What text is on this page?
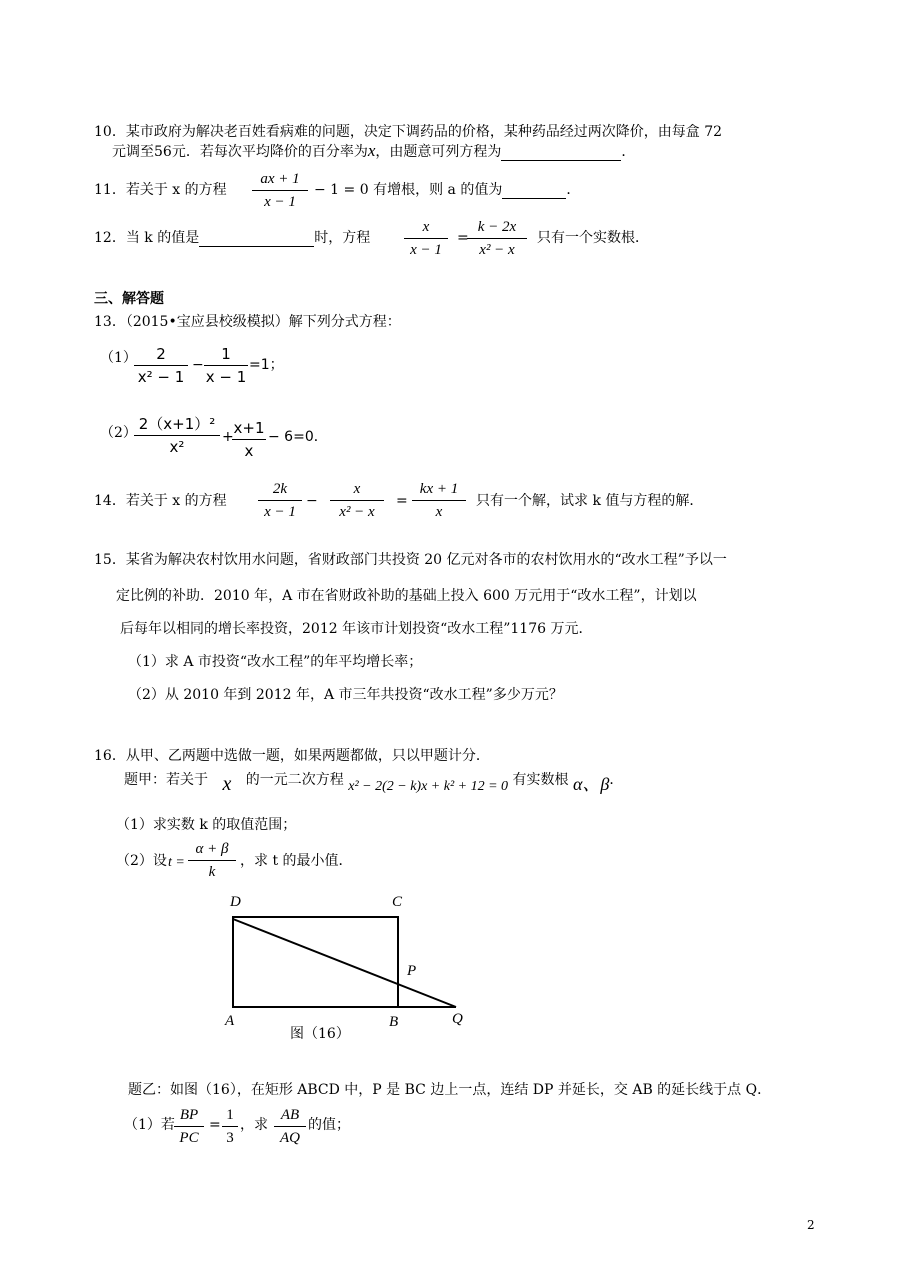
10．某市政府为解决老百姓看病难的问题，决定下调药品的价格，某种药品经过两次降价，由每盒 72
元调至56元．若每次平均降价的百分率为x，由题意可列方程为	．
11．若关于 x 的方程
ax + 1
x − 1
− 1 = 0 有增根，则 a 的值为	．
12．当 k 的值是	时，方程
x
x − 1
=
k − 2x
x² − x
只有一个实数根．
三、解答题
13．（2015•宝应县校级模拟）解下列分式方程：
（1）	2
x² − 1
−
1
x − 1
=1；
（2） 2（x+1）²
x²
+ x+1
x
− 6=0．
14．若关于 x 的方程
2k
x − 1
−
x
x² − x
=
kx + 1
x
只有一个解，试求 k 值与方程的解．
15．某省为解决农村饮用水问题，省财政部门共投资 20 亿元对各市的农村饮用水的“改水工程”予以一
定比例的补助．2010 年，A 市在省财政补助的基础上投入 600 万元用于“改水工程”，计划以
后每年以相同的增长率投资，2012 年该市计划投资“改水工程”1176 万元．
（1）求 A 市投资“改水工程”的年平均增长率；
（2）从 2010 年到 2012 年，A 市三年共投资“改水工程”多少万元？
16．从甲、乙两题中选做一题，如果两题都做，只以甲题计分．
题甲：若关于 x 的一元二次方程 x² − 2(2 − k)x + k² + 12 = 0 有实数根 α、β．
（1）求实数 k 的取值范围；
（2）设 t =
α + β
k
，求 t 的最小值．
D	C
P
A	B	Q
图（16）
题乙：如图（16），在矩形 ABCD 中，P 是 BC 边上一点，连结 DP 并延长，交 AB 的延长线于点 Q．
（1）若
BP
PC
=
1
3
，求
AB
AQ
的值；
2
